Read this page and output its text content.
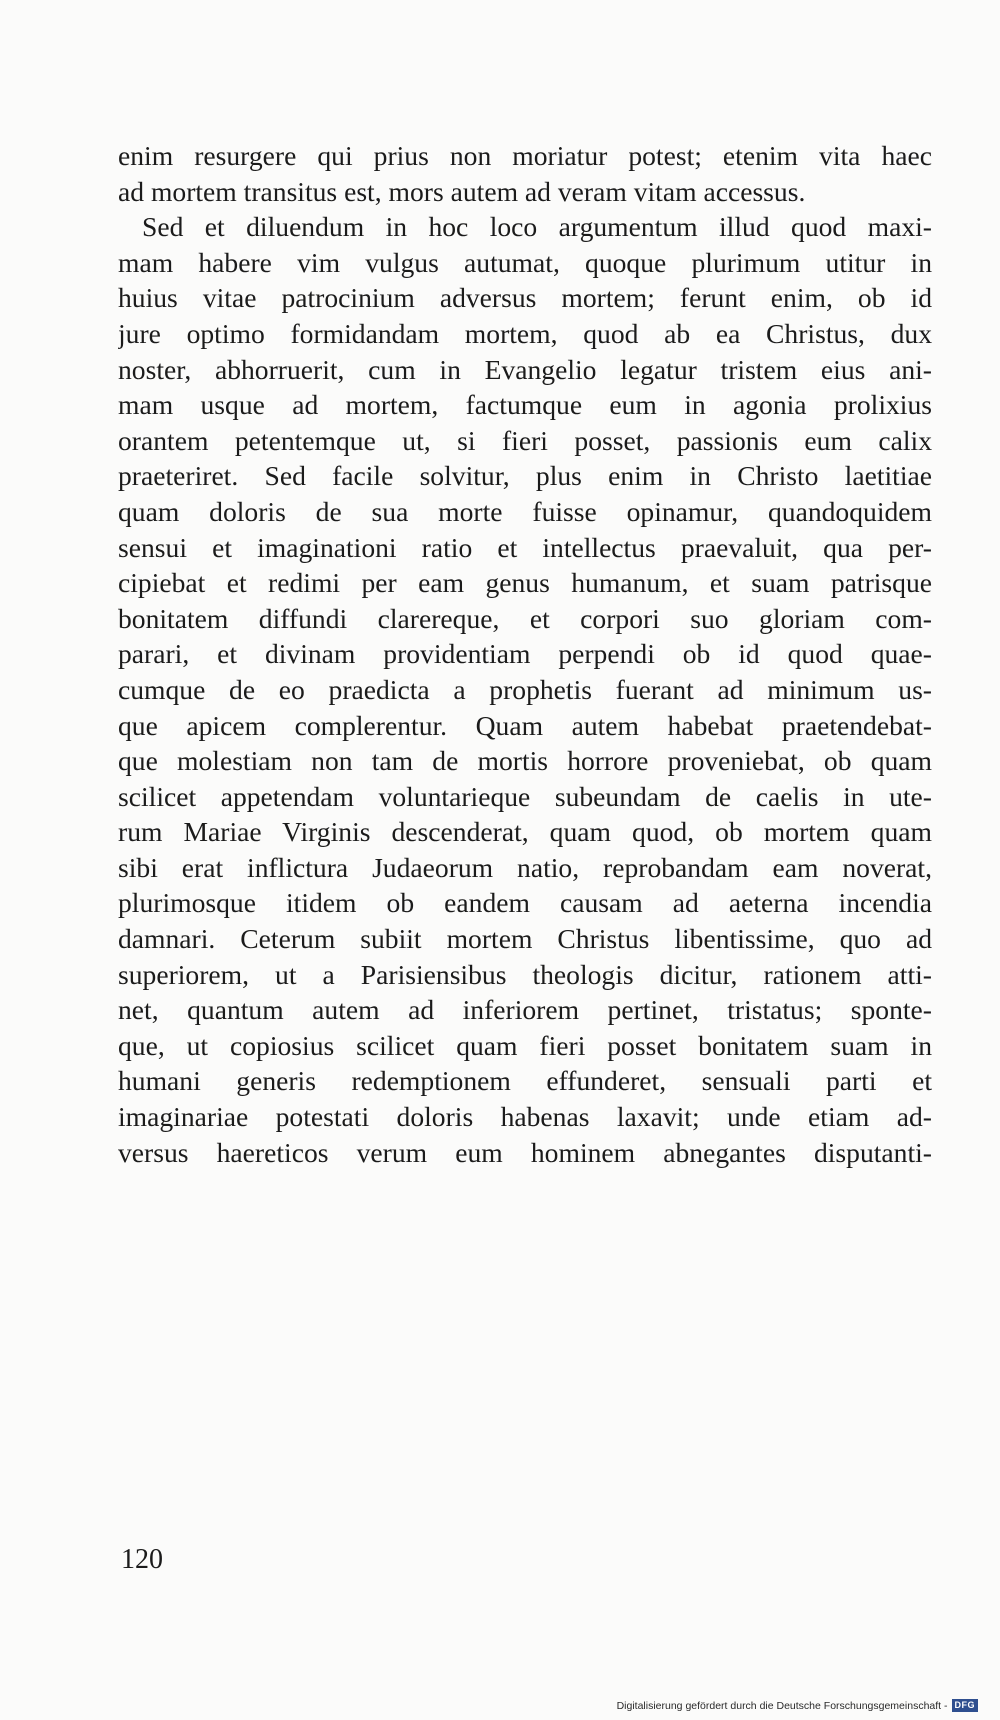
enim resurgere qui prius non moriatur potest; etenim vita haec
ad mortem transitus est, mors autem ad veram vitam accessus.
Sed et diluendum in hoc loco argumentum illud quod maxi-
mam habere vim vulgus autumat, quoque plurimum utitur in
huius vitae patrocinium adversus mortem; ferunt enim, ob id
jure optimo formidandam mortem, quod ab ea Christus, dux
noster, abhorruerit, cum in Evangelio legatur tristem eius ani-
mam usque ad mortem, factumque eum in agonia prolixius
orantem petentemque ut, si fieri posset, passionis eum calix
praeteriret. Sed facile solvitur, plus enim in Christo laetitiae
quam doloris de sua morte fuisse opinamur, quandoquidem
sensui et imaginationi ratio et intellectus praevaluit, qua per-
cipiebat et redimi per eam genus humanum, et suam patrisque
bonitatem diffundi clarereque, et corpori suo gloriam com-
parari, et divinam providentiam perpendi ob id quod quae-
cumque de eo praedicta a prophetis fuerant ad minimum us-
que apicem complerentur. Quam autem habebat praetendebat-
que molestiam non tam de mortis horrore proveniebat, ob quam
scilicet appetendam voluntarieque subeundam de caelis in ute-
rum Mariae Virginis descenderat, quam quod, ob mortem quam
sibi erat inflictura Judaeorum natio, reprobandam eam noverat,
plurimosque itidem ob eandem causam ad aeterna incendia
damnari. Ceterum subiit mortem Christus libentissime, quo ad
superiorem, ut a Parisiensibus theologis dicitur, rationem atti-
net, quantum autem ad inferiorem pertinet, tristatus; sponte-
que, ut copiosius scilicet quam fieri posset bonitatem suam in
humani generis redemptionem effunderet, sensuali parti et
imaginariae potestati doloris habenas laxavit; unde etiam ad-
versus haereticos verum eum hominem abnegantes disputanti-
120
Digitalisierung gefördert durch die Deutsche Forschungsgemeinschaft - DFG
